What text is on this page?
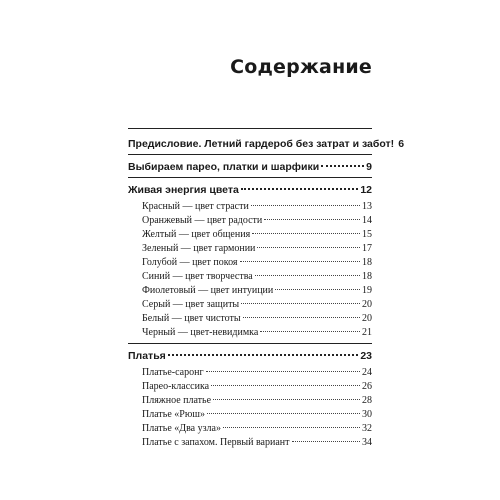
Содержание
Предисловие. Летний гардероб без затрат и забот! 6
Выбираем парео, платки и шарфики	9
Живая энергия цвета	12
Красный — цвет страсти	13
Оранжевый — цвет радости	14
Желтый — цвет общения	15
Зеленый — цвет гармонии	17
Голубой — цвет покоя	18
Синий — цвет творчества	18
Фиолетовый — цвет интуиции	19
Серый — цвет защиты	20
Белый — цвет чистоты	20
Черный — цвет-невидимка	21
Платья	23
Платье-саронг	24
Парео-классика	26
Пляжное платье	28
Платье «Рюш»	30
Платье «Два узла»	32
Платье с запахом. Первый вариант	34
